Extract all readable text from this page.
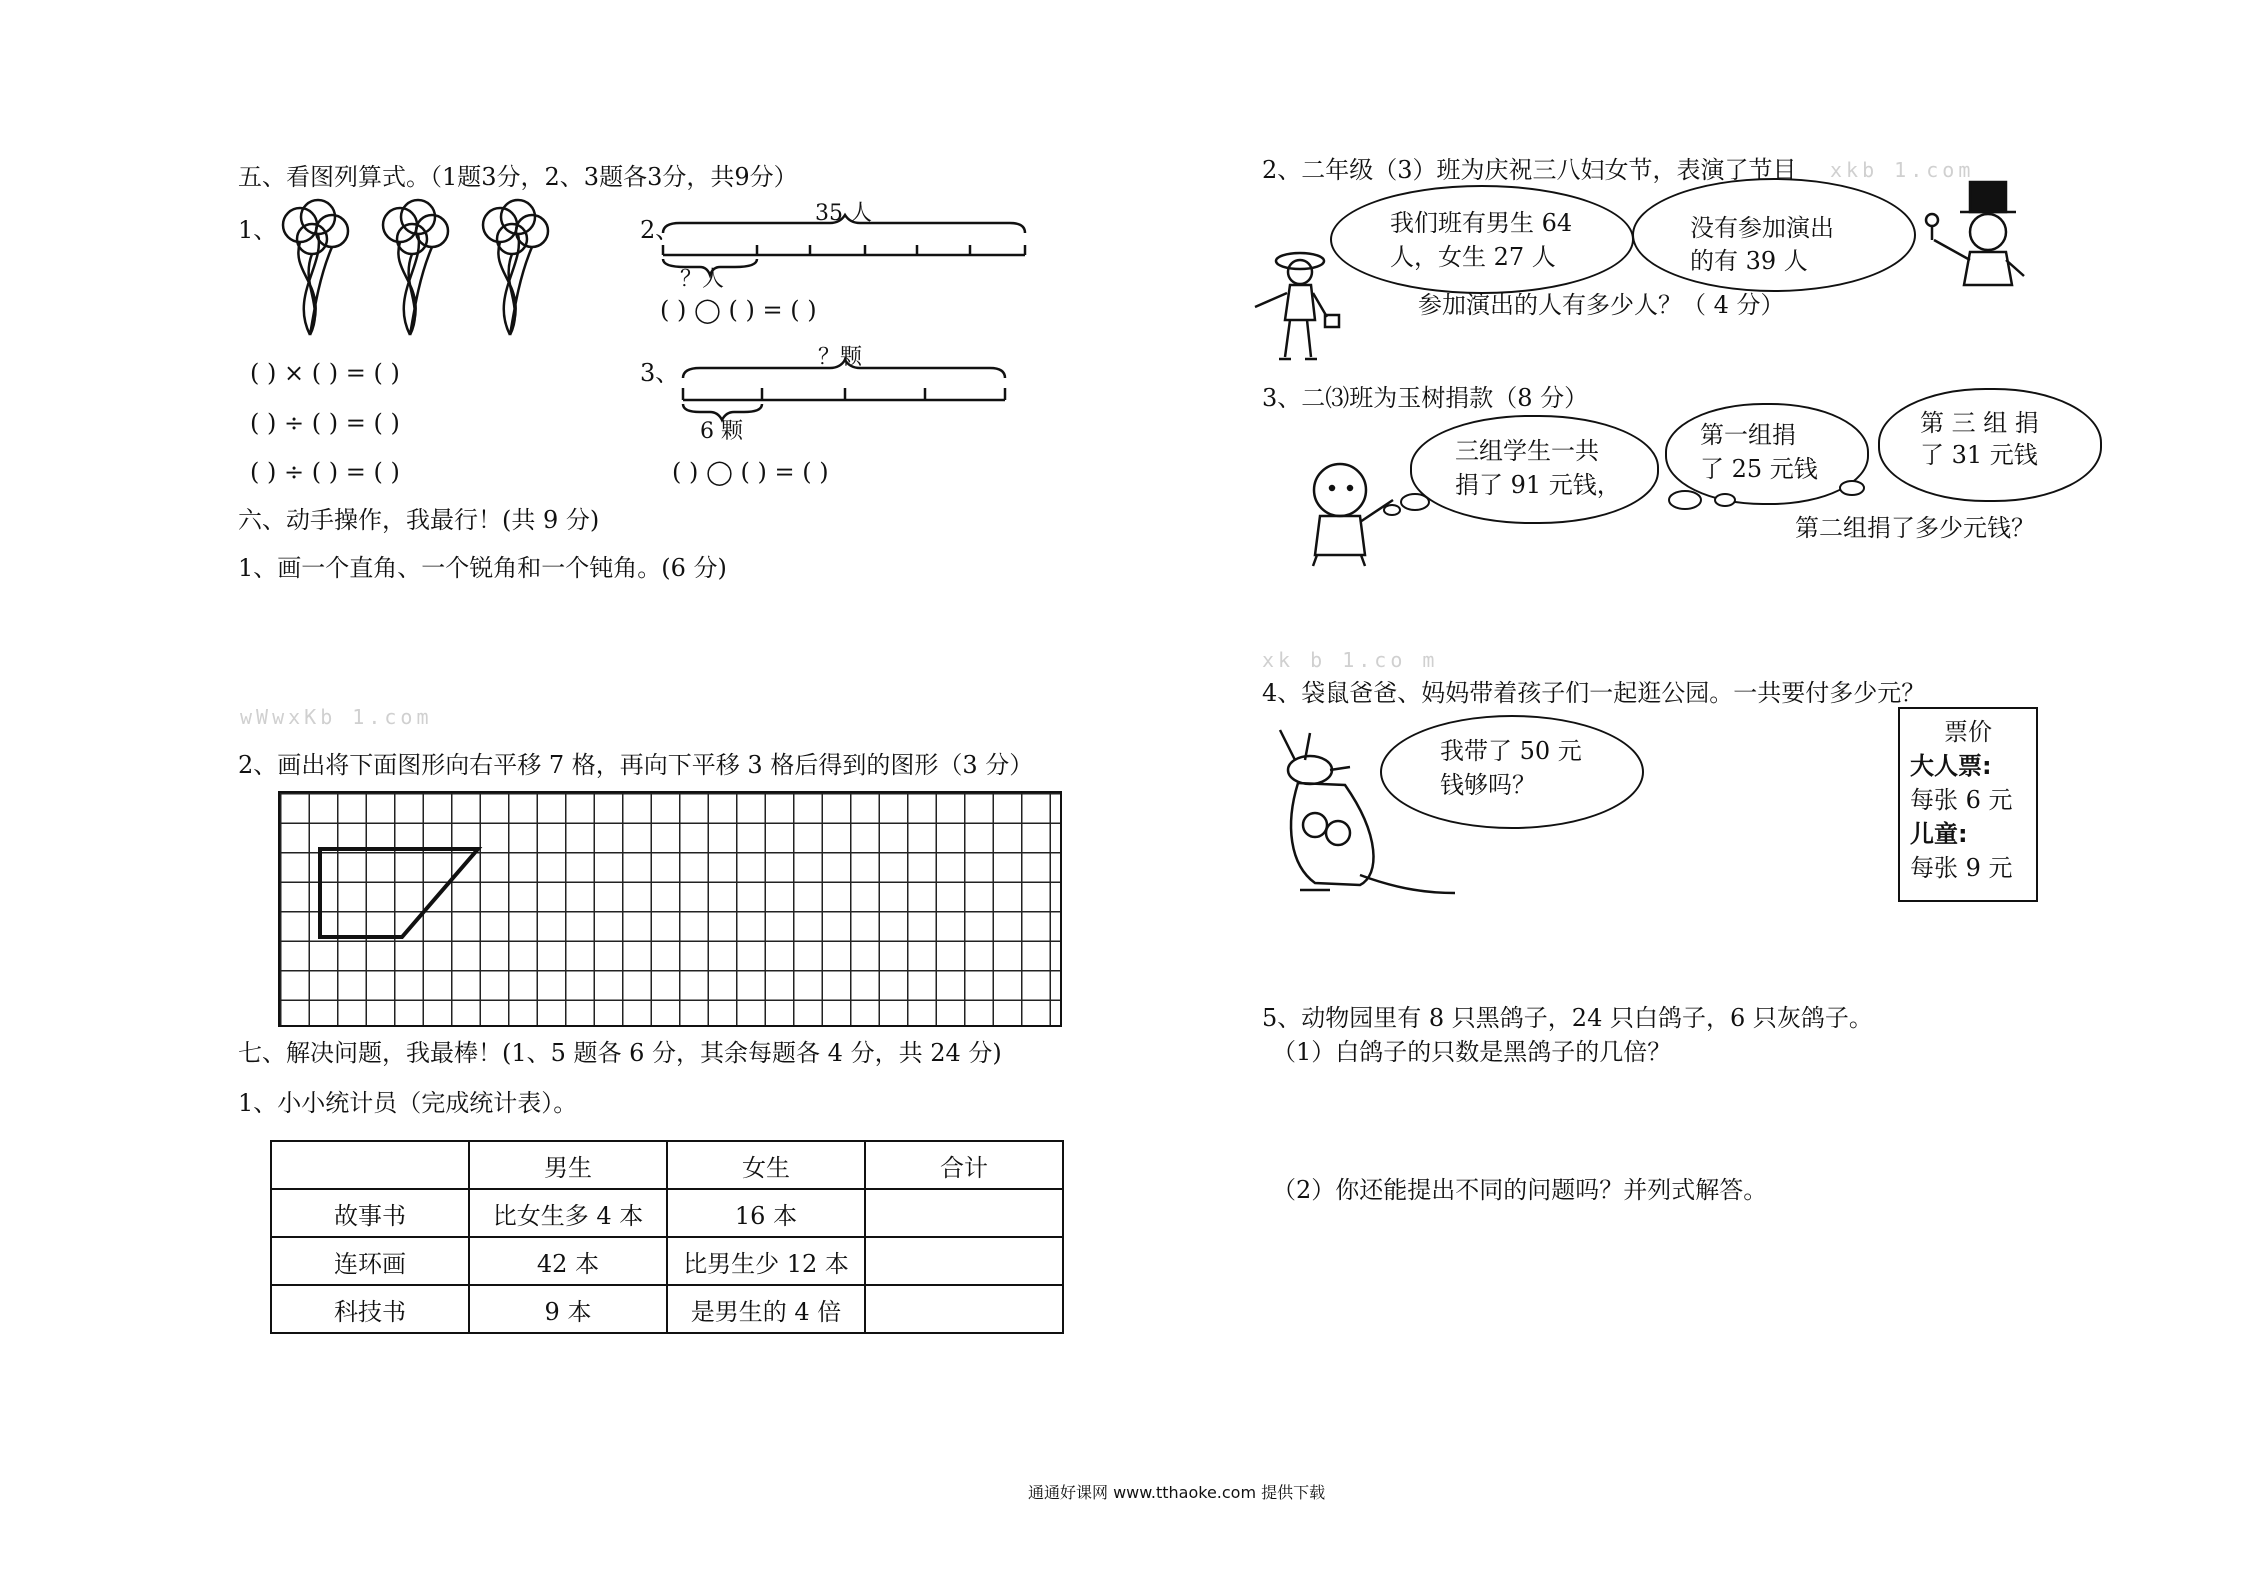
五、看图列算式。（1题3分，2、3题各3分，共9分）
1、
( ) × ( ) = ( )
( ) ÷ ( ) = ( )
( ) ÷ ( ) = ( )
2、
35 人
？人
( ) ◯ ( ) = ( )
3、
？颗
6 颗
( ) ◯ ( ) = ( )
六、动手操作，我最行！(共 9 分)
1、画一个直角、一个锐角和一个钝角。(6 分)
wWwxKb 1.com
2、画出将下面图形向右平移 7 格，再向下平移 3 格后得到的图形（3 分）
七、解决问题，我最棒！(1、5 题各 6 分，其余每题各 4 分，共 24 分)
1、小小统计员（完成统计表）。
	男生	女生	合计
故事书	比女生多 4 本	16 本	
连环画	42 本	比男生少 12 本	
科技书	9 本	是男生的 4 倍	
2、二年级（3）班为庆祝三八妇女节，表演了节目 xkb 1.com
我们班有男生 64
人，女生 27 人
没有参加演出
的有 39 人
参加演出的人有多少人？（ 4 分）
3、二⑶班为玉树捐款（8 分）
三组学生一共
捐了 91 元钱，
第一组捐
了 25 元钱
第 三 组 捐
了 31 元钱
第二组捐了多少元钱？
xk b 1.co m
4、袋鼠爸爸、妈妈带着孩子们一起逛公园。一共要付多少元？
我带了 50 元
钱够吗？
票价
大人票:
每张 6 元
儿童:
每张 9 元
5、动物园里有 8 只黑鸽子，24 只白鸽子，6 只灰鸽子。
（1）白鸽子的只数是黑鸽子的几倍？
（2）你还能提出不同的问题吗？并列式解答。
通通好课网 www.tthaoke.com 提供下载
